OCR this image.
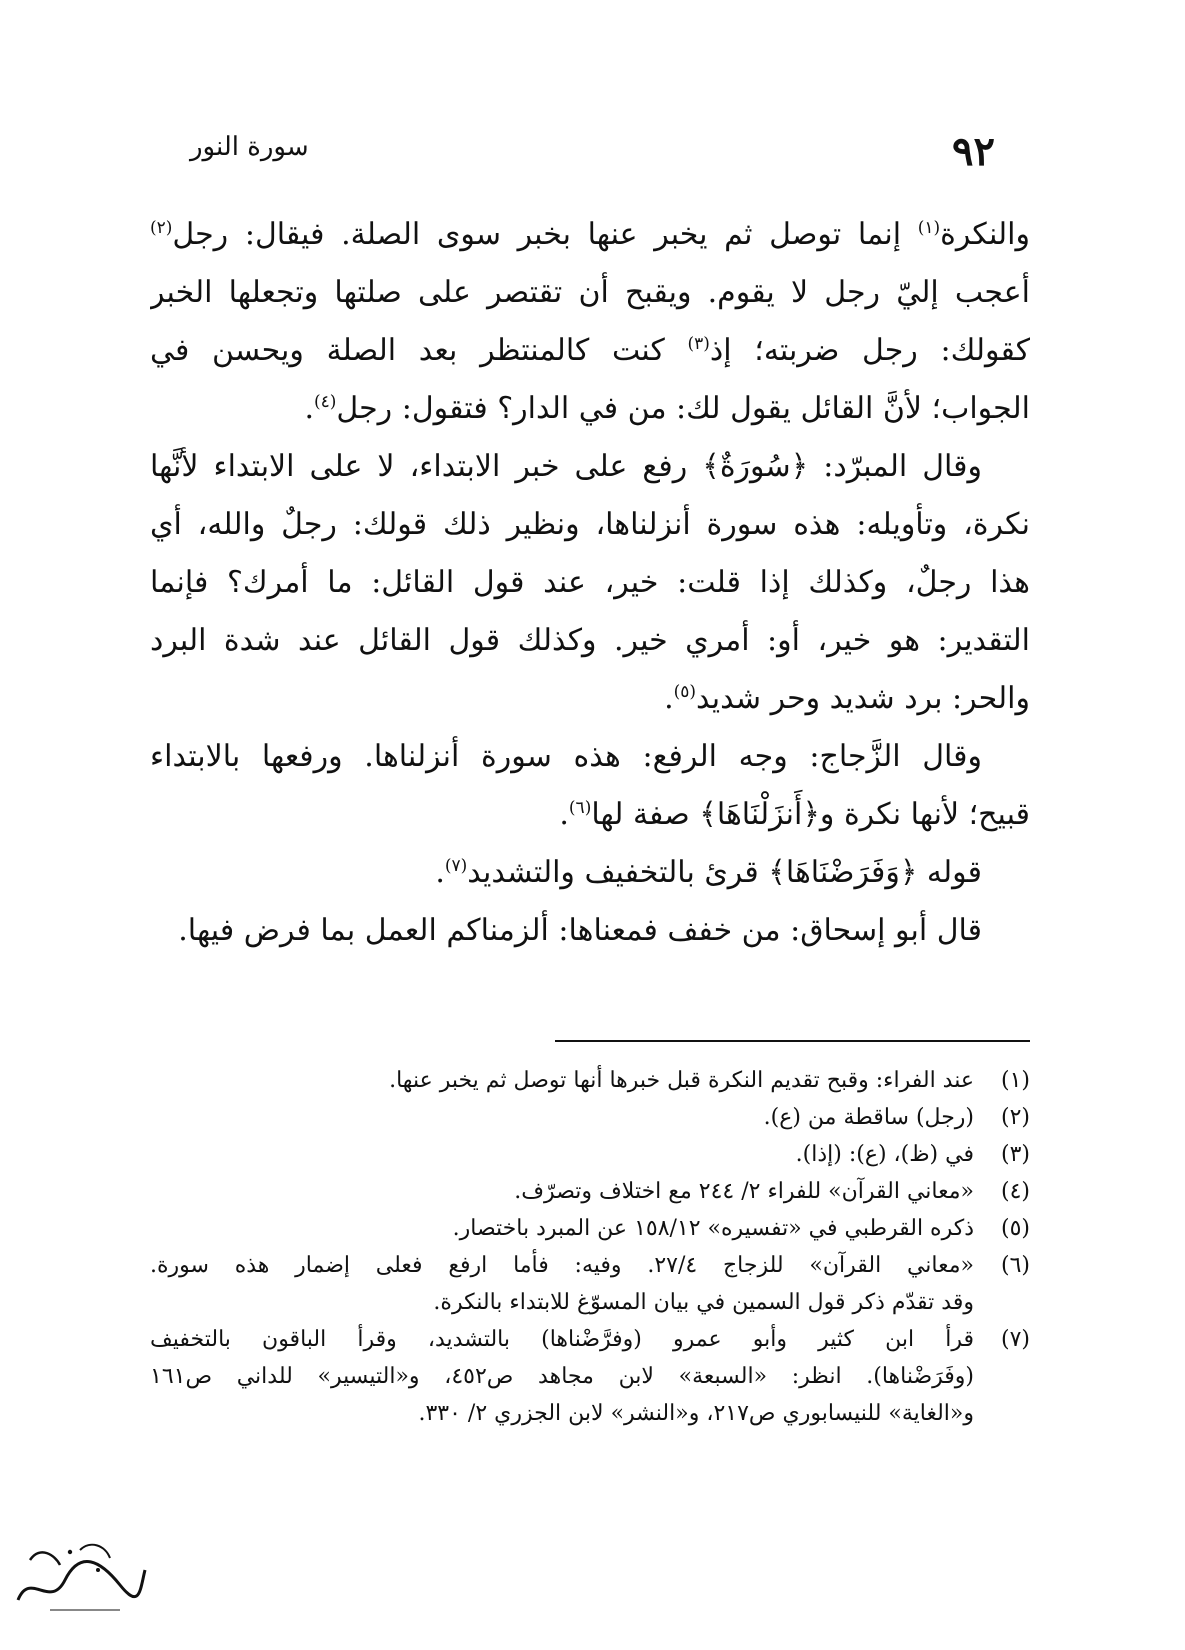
٩٢
سورة النور
والنكرة$^{(١)}$ إنما توصل ثم يخبر عنها بخبر سوى الصلة. فيقال: رجل$^{(٢)}$
أعجب إليّ رجل لا يقوم. ويقبح أن تقتصر على صلتها وتجعلها الخبر
كقولك: رجل ضربته؛ إذ$^{(٣)}$ كنت كالمنتظر بعد الصلة ويحسن في
الجواب؛ لأنَّ القائل يقول لك: من في الدار؟ فتقول: رجل$^{(٤)}$.
وقال المبرّد: ﴿سُورَةٌ﴾ رفع على خبر الابتداء، لا على الابتداء لأنَّها
نكرة، وتأويله: هذه سورة أنزلناها، ونظير ذلك قولك: رجلٌ والله، أي
هذا رجلٌ، وكذلك إذا قلت: خير، عند قول القائل: ما أمرك؟ فإنما
التقدير: هو خير، أو: أمري خير. وكذلك قول القائل عند شدة البرد
والحر: برد شديد وحر شديد$^{(٥)}$.
وقال الزَّجاج: وجه الرفع: هذه سورة أنزلناها. ورفعها بالابتداء
قبيح؛ لأنها نكرة و﴿أَنزَلْنَاهَا﴾ صفة لها$^{(٦)}$.
قوله ﴿وَفَرَضْنَاهَا﴾ قرئ بالتخفيف والتشديد$^{(٧)}$.
قال أبو إسحاق: من خفف فمعناها: ألزمناكم العمل بما فرض فيها.
(١)
عند الفراء: وقبح تقديم النكرة قبل خبرها أنها توصل ثم يخبر عنها.
(٢)
(رجل) ساقطة من (ع).
(٣)
في (ظ)، (ع): (إذا).
(٤)
«معاني القرآن» للفراء ٢/ ٢٤٤ مع اختلاف وتصرّف.
(٥)
ذكره القرطبي في «تفسيره» ١٥٨/١٢ عن المبرد باختصار.
(٦)
«معاني القرآن» للزجاج ٢٧/٤. وفيه: فأما ارفع فعلى إضمار هذه سورة.
وقد تقدّم ذكر قول السمين في بيان المسوّغ للابتداء بالنكرة.
(٧)
قرأ ابن كثير وأبو عمرو (وفرَّضْناها) بالتشديد، وقرأ الباقون بالتخفيف
(وفَرَضْناها). انظر: «السبعة» لابن مجاهد ص٤٥٢، و«التيسير» للداني ص١٦١
و«الغاية» للنيسابوري ص٢١٧، و«النشر» لابن الجزري ٢/ ٣٣٠.
